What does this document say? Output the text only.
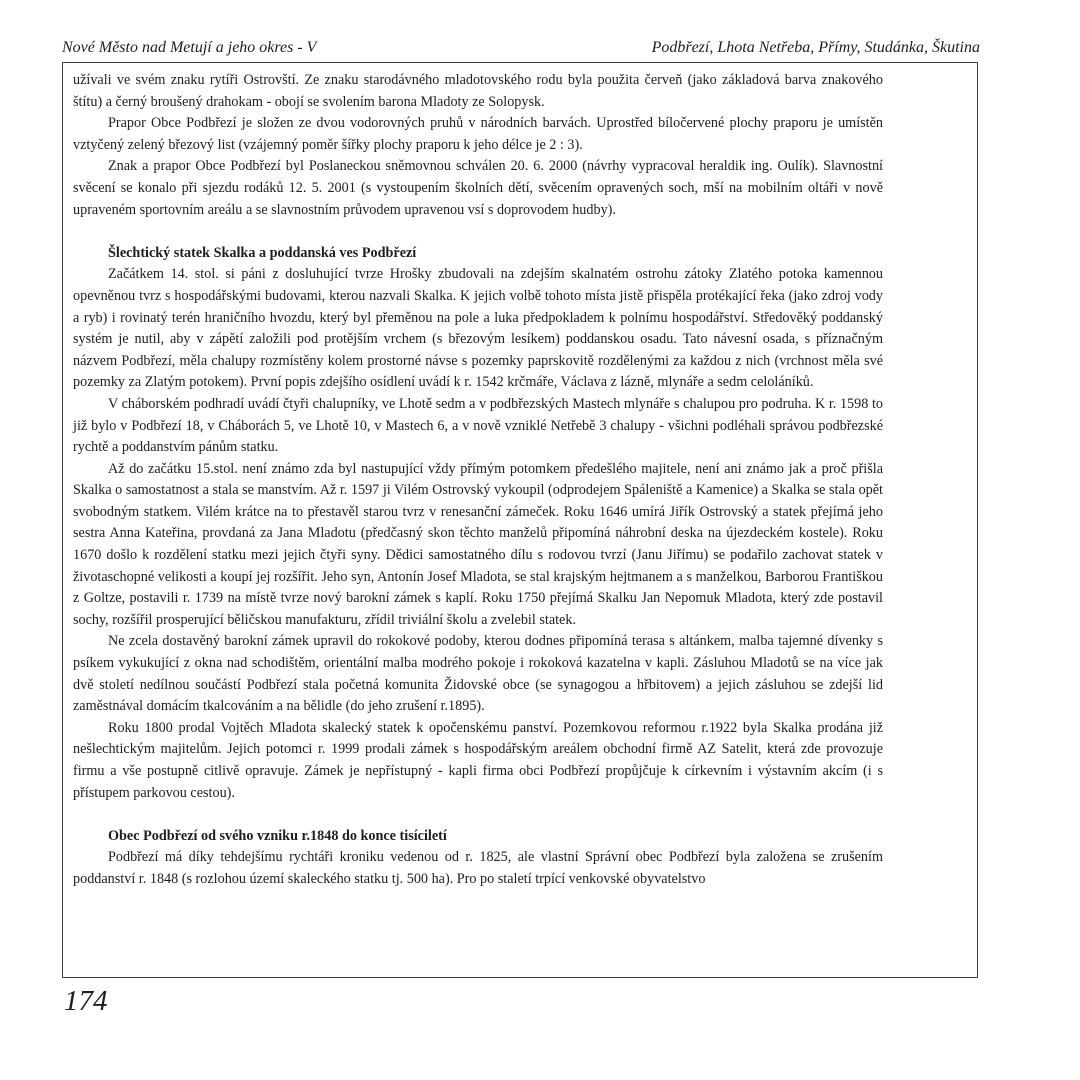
Nové Město nad Metují a jeho okres - V	Podbřezí, Lhota Netřeba, Přímy, Studánka, Škutina

užívali ve svém znaku rytíři Ostrovští. Ze znaku starodávného mladotovského rodu byla použita červeň (jako základová barva znakového štítu) a černý broušený drahokam - obojí se svolením barona Mladoty ze Solopysk.

Prapor Obce Podbřezí je složen ze dvou vodorovných pruhů v národních barvách. Uprostřed bíločervené plochy praporu je umístěn vztyčený zelený březový list (vzájemný poměr šířky plochy praporu k jeho délce je 2 : 3).

Znak a prapor Obce Podbřezí byl Poslaneckou sněmovnou schválen 20. 6. 2000 (návrhy vypracoval heraldik ing. Oulík). Slavnostní svěcení se konalo při sjezdu rodáků 12. 5. 2001 (s vystoupením školních dětí, svěcením opravených soch, mší na mobilním oltáři v nově upraveném sportovním areálu a se slavnostním průvodem upravenou vsí s doprovodem hudby).

Šlechtický statek Skalka a poddanská ves Podbřezí

Začátkem 14. stol. si páni z dosluhující tvrze Hrošky zbudovali na zdejším skalnatém ostrohu zátoky Zlatého potoka kamennou opevněnou tvrz s hospodářskými budovami, kterou nazvali Skalka. K jejich volbě tohoto místa jistě přispěla protékající řeka (jako zdroj vody a ryb) i rovinatý terén hraničního hvozdu, který byl přeměnou na pole a luka předpokladem k polnímu hospodářství. Středověký poddanský systém je nutil, aby v zápětí založili pod protějším vrchem (s březovým lesíkem) poddanskou osadu. Tato návesní osada, s příznačným názvem Podbřezí, měla chalupy rozmístěny kolem prostorné návse s pozemky paprskovitě rozdělenými za každou z nich (vrchnost měla své pozemky za Zlatým potokem). První popis zdejšího osídlení uvádí k r. 1542 krčmáře, Václava z lázně, mlynáře a sedm celoláníků.

V cháborském podhradí uvádí čtyři chalupníky, ve Lhotě sedm a v podbřezských Mastech mlynáře s chalupou pro podruha. K r. 1598 to již bylo v Podbřezí 18, v Cháborách 5, ve Lhotě 10, v Mastech 6, a v nově vzniklé Netřebě 3 chalupy - všichni podléhali správou podbřezské rychtě a poddanstvím pánům statku.

Až do začátku 15.stol. není známo zda byl nastupující vždy přímým potomkem předešlého majitele, není ani známo jak a proč přišla Skalka o samostatnost a stala se manstvím. Až r. 1597 ji Vilém Ostrovský vykoupil (odprodejem Spáleniště a Kamenice) a Skalka se stala opět svobodným statkem. Vilém krátce na to přestavěl starou tvrz v renesanční zámeček. Roku 1646 umírá Jiřík Ostrovský a statek přejímá jeho sestra Anna Kateřina, provdaná za Jana Mladotu (předčasný skon těchto manželů připomíná náhrobní deska na újezdeckém kostele). Roku 1670 došlo k rozdělení statku mezi jejich čtyři syny. Dědici samostatného dílu s rodovou tvrzí (Janu Jiřímu) se podařilo zachovat statek v životaschopné velikosti a koupí jej rozšířit. Jeho syn, Antonín Josef Mladota, se stal krajským hejtmanem a s manželkou, Barborou Františkou z Goltze, postavili r. 1739 na místě tvrze nový barokní zámek s kaplí. Roku 1750 přejímá Skalku Jan Nepomuk Mladota, který zde postavil sochy, rozšířil prosperující běličskou manufakturu, zřídil triviální školu a zvelebil statek.

Ne zcela dostavěný barokní zámek upravil do rokokové podoby, kterou dodnes připomíná terasa s altánkem, malba tajemné dívenky s psíkem vykukující z okna nad schodištěm, orientální malba modrého pokoje i rokoková kazatelna v kapli. Zásluhou Mladotů se na více jak dvě století nedílnou součástí Podbřezí stala početná komunita Židovské obce (se synagogou a hřbitovem) a jejich zásluhou se zdejší lid zaměstnával domácím tkalcováním a na bělidle (do jeho zrušení r.1895).

Roku 1800 prodal Vojtěch Mladota skalecký statek k opočenskému panství. Pozemkovou reformou r.1922 byla Skalka prodána již nešlechtickým majitelům. Jejich potomci r. 1999 prodali zámek s hospodářským areálem obchodní firmě AZ Satelit, která zde provozuje firmu a vše postupně citlivě opravuje. Zámek je nepřístupný - kapli firma obci Podbřezí propůjčuje k církevním i výstavním akcím (i s přístupem parkovou cestou).

Obec Podbřezí od svého vzniku r.1848 do konce tisíciletí

Podbřezí má díky tehdejšímu rychtáři kroniku vedenou od r. 1825, ale vlastní Správní obec Podbřezí byla založena se zrušením poddanství r. 1848 (s rozlohou území skaleckého statku tj. 500 ha). Pro po staletí trpící venkovské obyvatelstvo

174
